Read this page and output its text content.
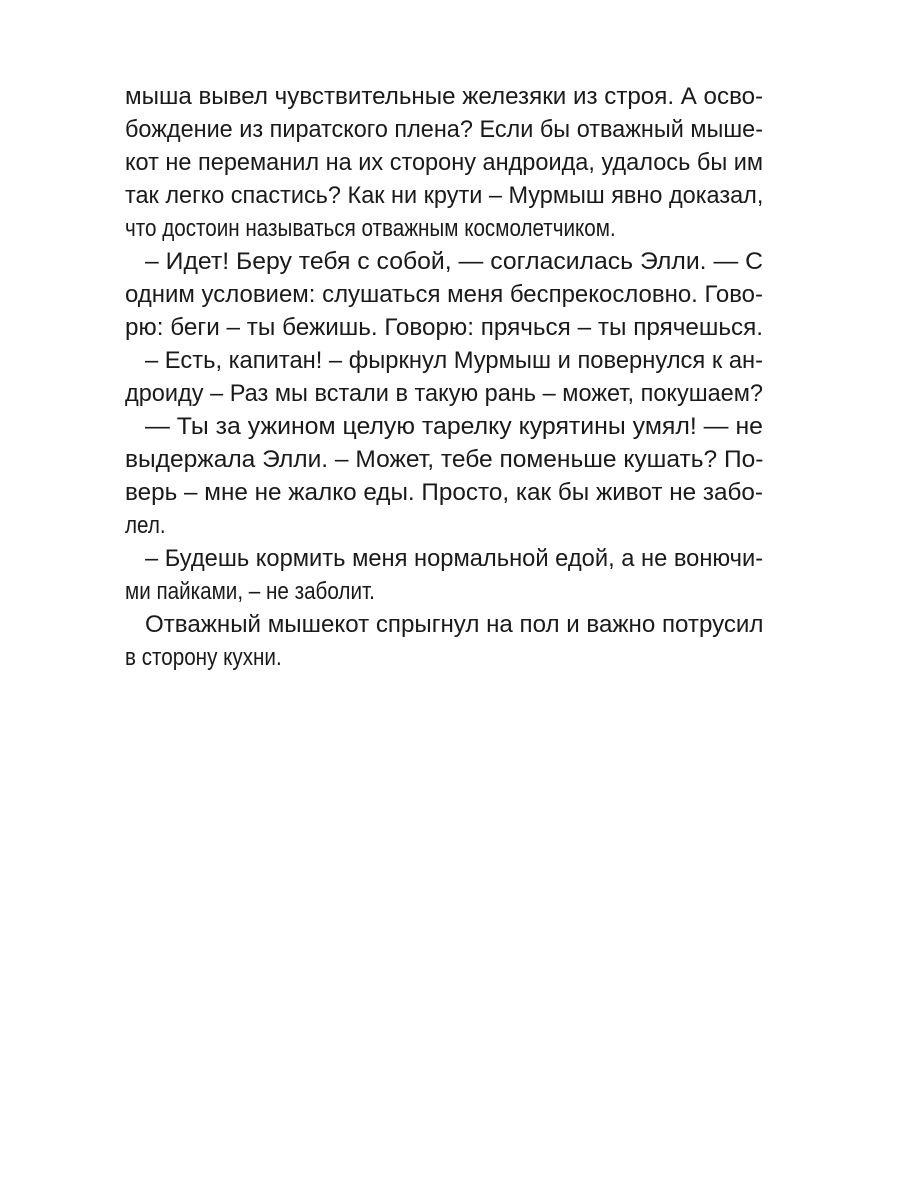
мыша вывел чувствительные железяки из строя. А осво-
бождение из пиратского плена? Если бы отважный мыше-
кот не переманил на их сторону андроида, удалось бы им
так легко спастись? Как ни крути – Мурмыш явно доказал,
что достоин называться отважным космолетчиком.
– Идет! Беру тебя с собой, — согласилась Элли. — С
одним условием: слушаться меня беспрекословно. Гово-
рю: беги – ты бежишь. Говорю: прячься – ты прячешься.
– Есть, капитан! – фыркнул Мурмыш и повернулся к ан-
дроиду – Раз мы встали в такую рань – может, покушаем?
— Ты за ужином целую тарелку курятины умял! — не
выдержала Элли. – Может, тебе поменьше кушать? По-
верь – мне не жалко еды. Просто, как бы живот не забо-
лел.
– Будешь кормить меня нормальной едой, а не вонючи-
ми пайками, – не заболит.
Отважный мышекот спрыгнул на пол и важно потрусил
в сторону кухни.
